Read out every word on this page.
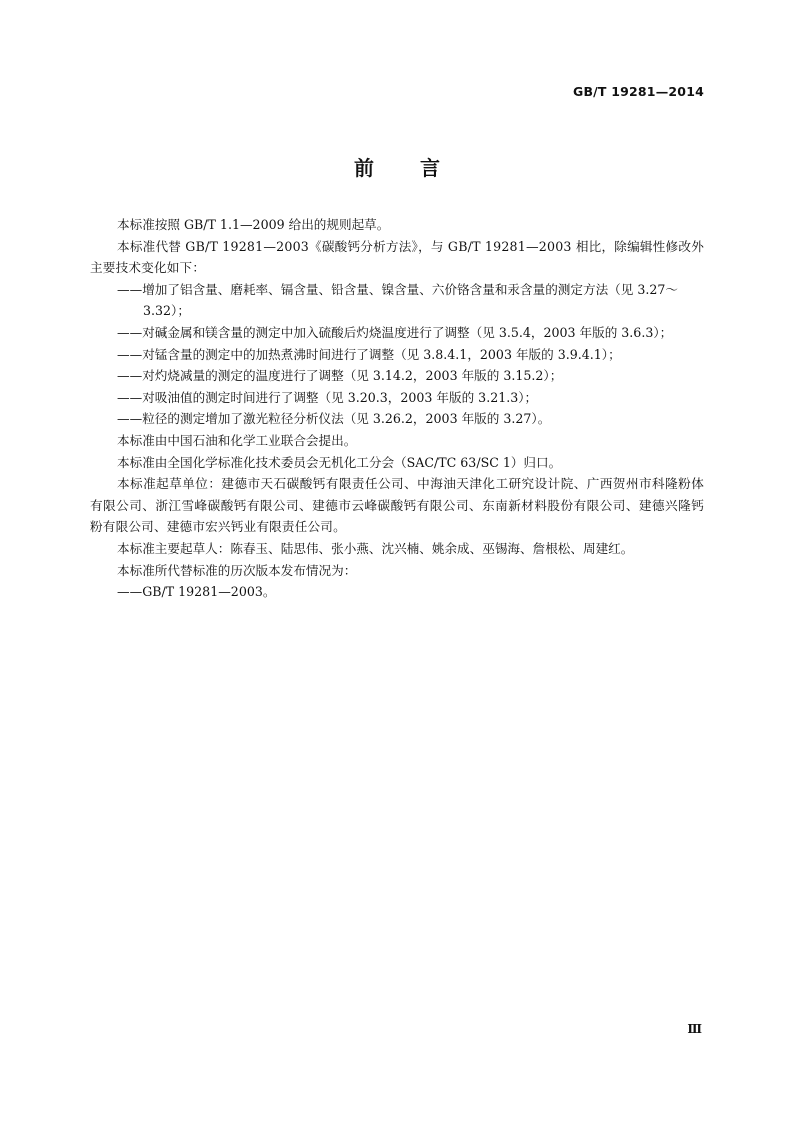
GB/T 19281—2014
前 言

本标准按照 GB/T 1.1—2009 给出的规则起草。

本标准代替 GB/T 19281—2003《碳酸钙分析方法》，与 GB/T 19281—2003 相比，除编辑性修改外主要技术变化如下：

——增加了铝含量、磨耗率、镉含量、铅含量、镍含量、六价铬含量和汞含量的测定方法（见 3.27～

3.32）；

——对碱金属和镁含量的测定中加入硫酸后灼烧温度进行了调整（见 3.5.4，2003 年版的 3.6.3）；

——对锰含量的测定中的加热煮沸时间进行了调整（见 3.8.4.1，2003 年版的 3.9.4.1）；

——对灼烧减量的测定的温度进行了调整（见 3.14.2，2003 年版的 3.15.2）；

——对吸油值的测定时间进行了调整（见 3.20.3，2003 年版的 3.21.3）；

——粒径的测定增加了激光粒径分析仪法（见 3.26.2，2003 年版的 3.27）。

本标准由中国石油和化学工业联合会提出。

本标准由全国化学标准化技术委员会无机化工分会（SAC/TC 63/SC 1）归口。

本标准起草单位：建德市天石碳酸钙有限责任公司、中海油天津化工研究设计院、广西贺州市科隆粉体有限公司、浙江雪峰碳酸钙有限公司、建德市云峰碳酸钙有限公司、东南新材料股份有限公司、建德兴隆钙粉有限公司、建德市宏兴钙业有限责任公司。

本标准主要起草人：陈春玉、陆思伟、张小燕、沈兴楠、姚余成、巫锡海、詹根松、周建红。

本标准所代替标准的历次版本发布情况为：

——GB/T 19281—2003。

Ⅲ
